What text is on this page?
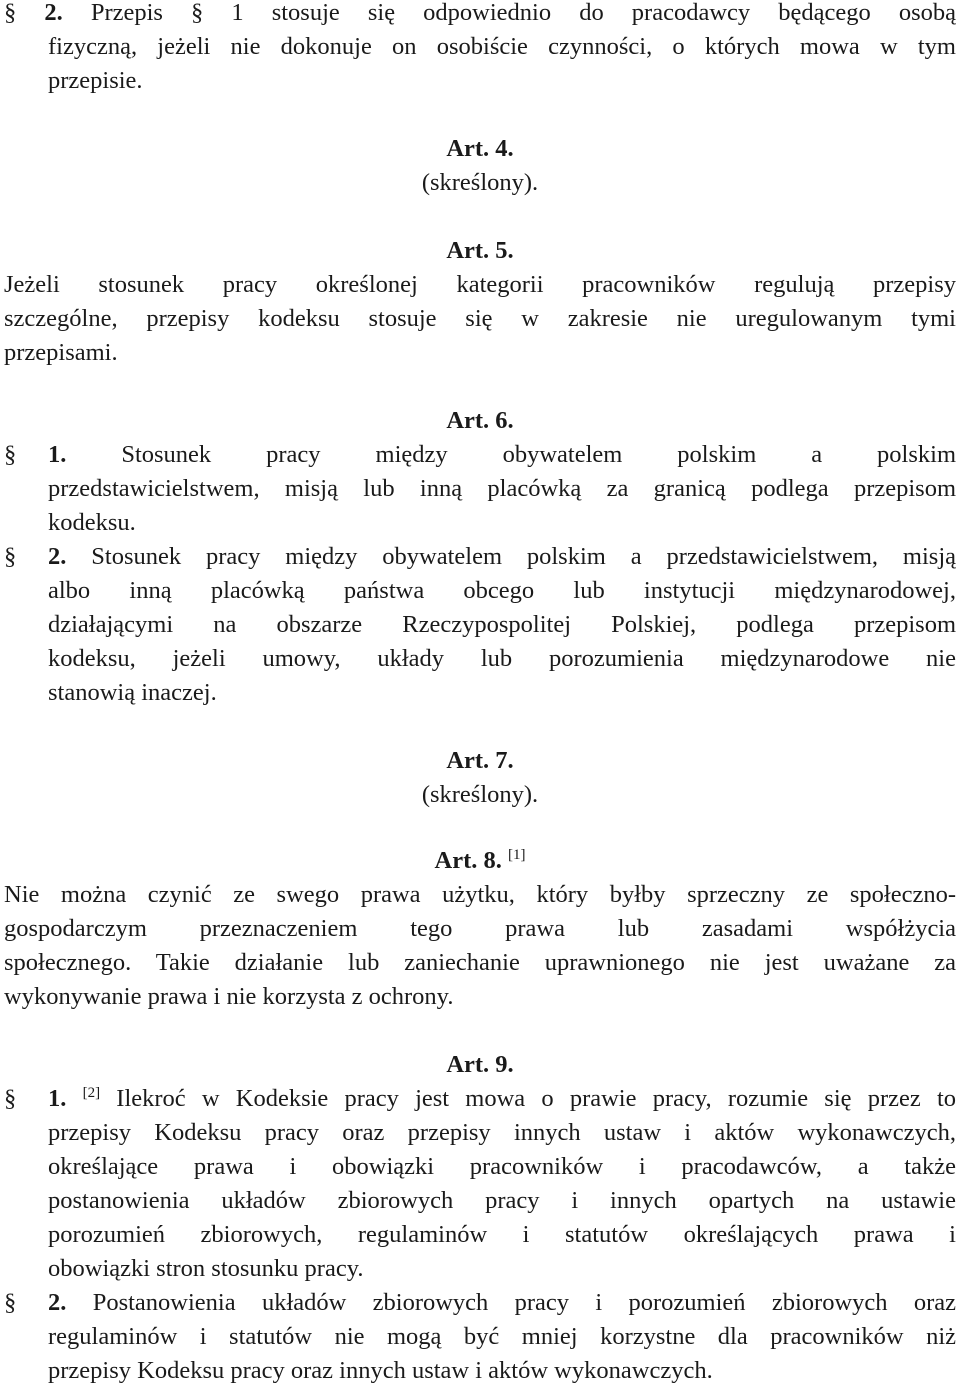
§ 2. Przepis § 1 stosuje się odpowiednio do pracodawcy będącego osobą
fizyczną, jeżeli nie dokonuje on osobiście czynności, o których mowa w tym
przepisie.
Art. 4.
(skreślony).
Art. 5.
Jeżeli stosunek pracy określonej kategorii pracowników regulują przepisy
szczególne, przepisy kodeksu stosuje się w zakresie nie uregulowanym tymi
przepisami.
Art. 6.
§ 1. Stosunek pracy między obywatelem polskim a polskim
przedstawicielstwem, misją lub inną placówką za granicą podlega przepisom
kodeksu.
§ 2. Stosunek pracy między obywatelem polskim a przedstawicielstwem, misją
albo inną placówką państwa obcego lub instytucji międzynarodowej,
działającymi na obszarze Rzeczypospolitej Polskiej, podlega przepisom
kodeksu, jeżeli umowy, układy lub porozumienia międzynarodowe nie
stanowią inaczej.
Art. 7.
(skreślony).
Art. 8. [1]
Nie można czynić ze swego prawa użytku, który byłby sprzeczny ze społeczno-
gospodarczym przeznaczeniem tego prawa lub zasadami współżycia
społecznego. Takie działanie lub zaniechanie uprawnionego nie jest uważane za
wykonywanie prawa i nie korzysta z ochrony.
Art. 9.
§ 1. [2] Ilekroć w Kodeksie pracy jest mowa o prawie pracy, rozumie się przez to
przepisy Kodeksu pracy oraz przepisy innych ustaw i aktów wykonawczych,
określające prawa i obowiązki pracowników i pracodawców, a także
postanowienia układów zbiorowych pracy i innych opartych na ustawie
porozumień zbiorowych, regulaminów i statutów określających prawa i
obowiązki stron stosunku pracy.
§ 2. Postanowienia układów zbiorowych pracy i porozumień zbiorowych oraz
regulaminów i statutów nie mogą być mniej korzystne dla pracowników niż
przepisy Kodeksu pracy oraz innych ustaw i aktów wykonawczych.
